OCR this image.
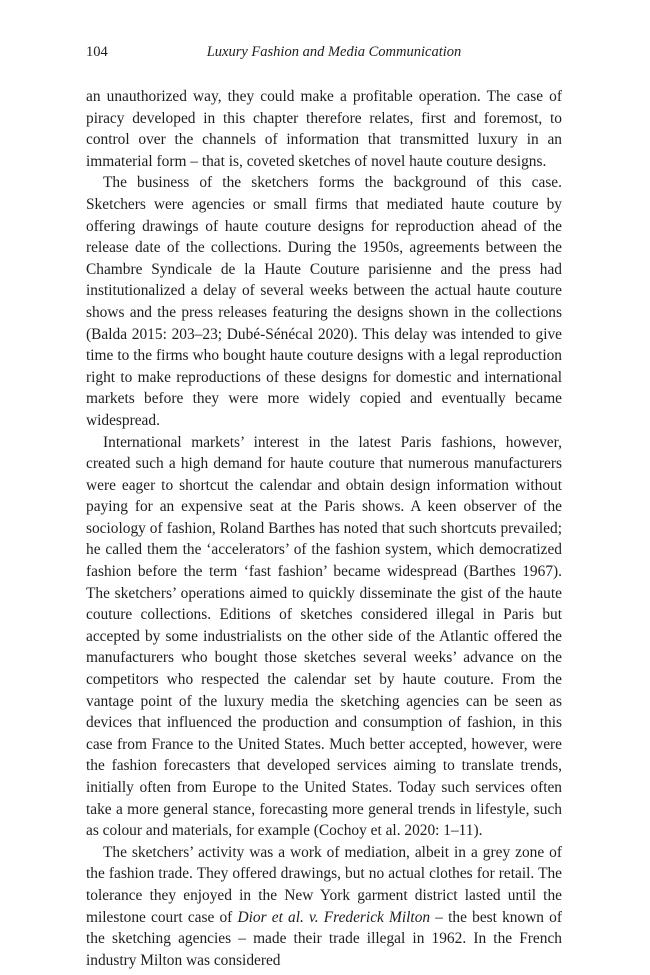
104	Luxury Fashion and Media Communication

an unauthorized way, they could make a profitable operation. The case of piracy developed in this chapter therefore relates, first and foremost, to control over the channels of information that transmitted luxury in an immaterial form – that is, coveted sketches of novel haute couture designs.

The business of the sketchers forms the background of this case. Sketchers were agencies or small firms that mediated haute couture by offering drawings of haute couture designs for reproduction ahead of the release date of the collections. During the 1950s, agreements between the Chambre Syndicale de la Haute Couture parisienne and the press had institutionalized a delay of several weeks between the actual haute couture shows and the press releases featuring the designs shown in the collections (Balda 2015: 203–23; Dubé-Sénécal 2020). This delay was intended to give time to the firms who bought haute couture designs with a legal reproduction right to make reproductions of these designs for domestic and international markets before they were more widely copied and eventually became widespread.

International markets’ interest in the latest Paris fashions, however, created such a high demand for haute couture that numerous manufacturers were eager to shortcut the calendar and obtain design information without paying for an expensive seat at the Paris shows. A keen observer of the sociology of fashion, Roland Barthes has noted that such shortcuts prevailed; he called them the ‘accelerators’ of the fashion system, which democratized fashion before the term ‘fast fashion’ became widespread (Barthes 1967). The sketchers’ operations aimed to quickly disseminate the gist of the haute couture collections. Editions of sketches considered illegal in Paris but accepted by some industrialists on the other side of the Atlantic offered the manufacturers who bought those sketches several weeks’ advance on the competitors who respected the calendar set by haute couture. From the vantage point of the luxury media the sketching agencies can be seen as devices that influenced the production and consumption of fashion, in this case from France to the United States. Much better accepted, however, were the fashion forecasters that developed services aiming to translate trends, initially often from Europe to the United States. Today such services often take a more general stance, forecasting more general trends in lifestyle, such as colour and materials, for example (Cochoy et al. 2020: 1–11).

The sketchers’ activity was a work of mediation, albeit in a grey zone of the fashion trade. They offered drawings, but no actual clothes for retail. The tolerance they enjoyed in the New York garment district lasted until the milestone court case of Dior et al. v. Frederick Milton – the best known of the sketching agencies – made their trade illegal in 1962. In the French industry Milton was considered
